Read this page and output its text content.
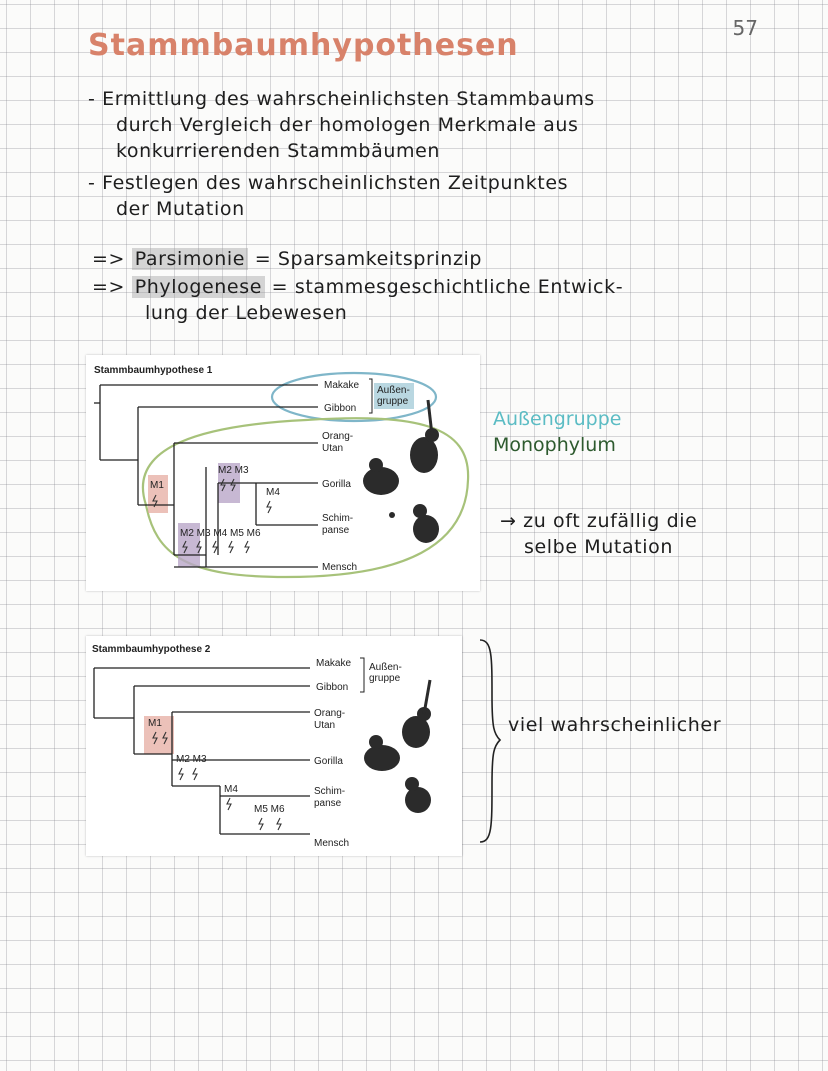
57
Stammbaumhypothesen
- Ermittlung des wahrscheinlichsten Stammbaums
durch Vergleich der homologen Merkmale aus
konkurrierenden Stammbäumen
- Festlegen des wahrscheinlichsten Zeitpunktes
der Mutation
=> Parsimonie = Sparsamkeitsprinzip
=> Phylogenese = stammesgeschichtliche Entwick-
lung der Lebewesen
Stammbaumhypothese 1
Makake
Gibbon
Orang-
Utan
Gorilla
Schim-
panse
Mensch
Außen-
gruppe
M1
M2 M3
M4
M2 M3 M4 M5 M6
Außengruppe
Monophylum
→ zu oft zufällig die
selbe Mutation
Stammbaumhypothese 2
Makake
Gibbon
Orang-
Utan
Gorilla
Schim-
panse
Mensch
Außen-
gruppe
M1
M2 M3
M4
M5 M6
viel wahrscheinlicher
